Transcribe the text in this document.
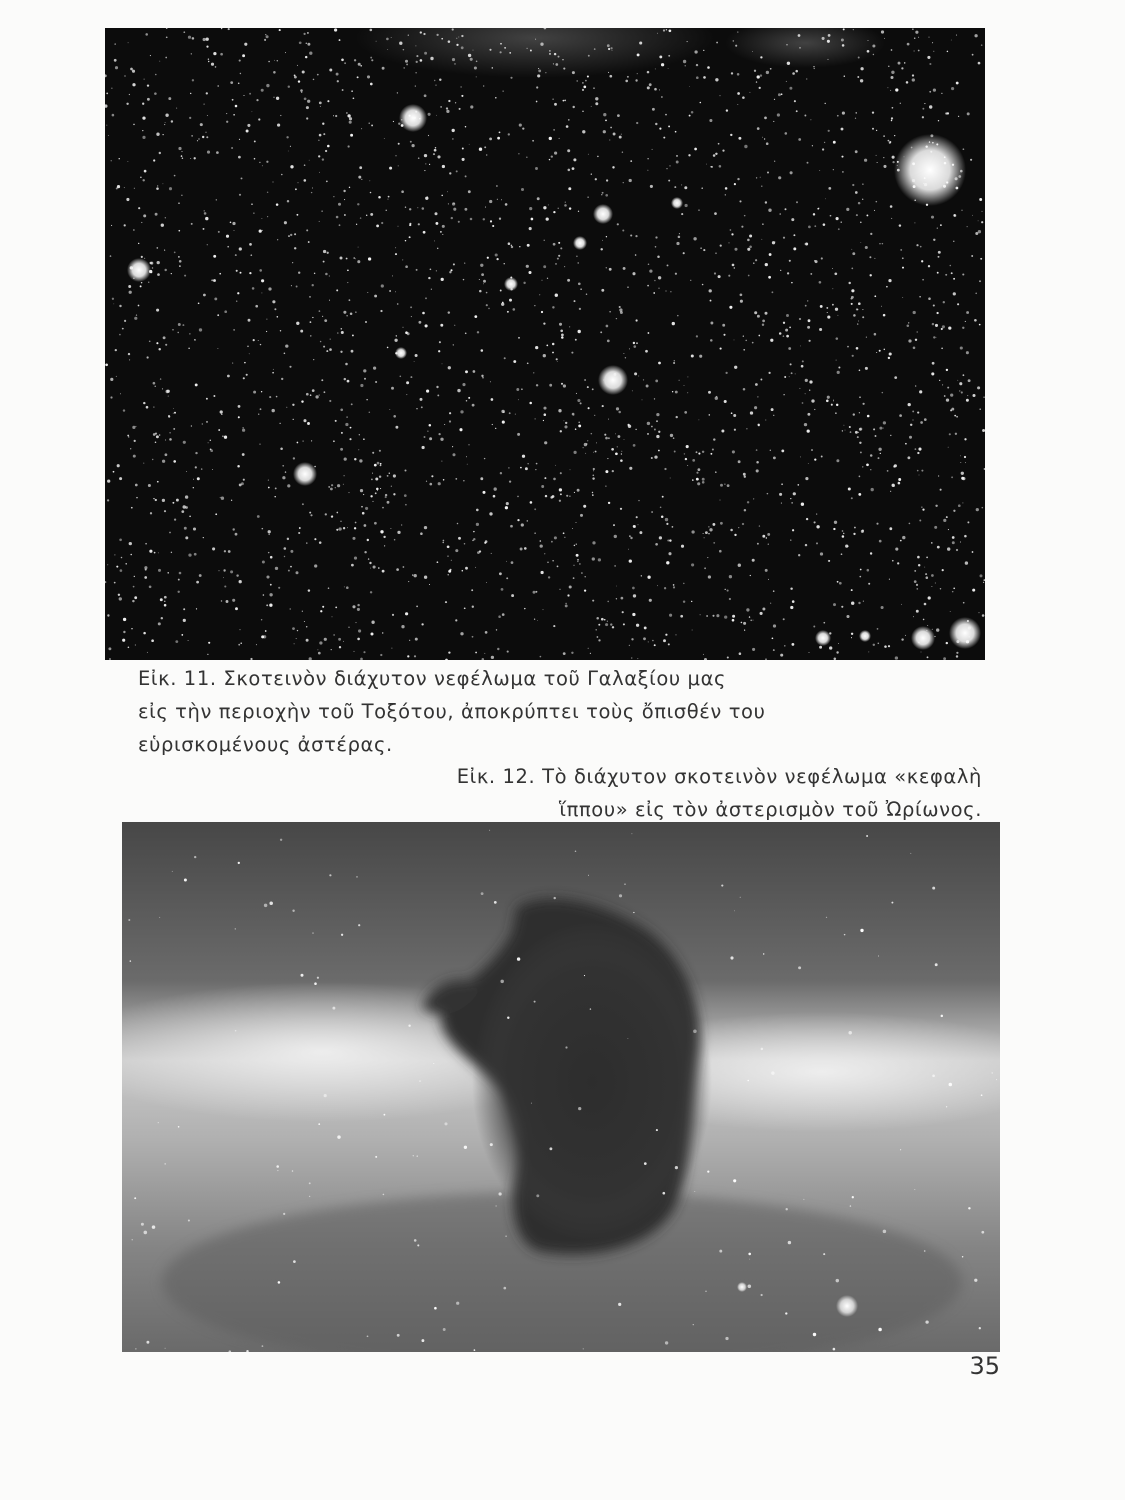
Εἰκ. 11. Σκοτεινὸν διάχυτον νεφέλωμα τοῦ Γαλαξίου μας
εἰς τὴν περιοχὴν τοῦ Τοξότου, ἀποκρύπτει τοὺς ὄπισθέν του
εὑρισκομένους ἀστέρας.
Εἰκ. 12. Τὸ διάχυτον σκοτεινὸν νεφέλωμα «κεφαλὴ
ἵππου» εἰς τὸν ἀστερισμὸν τοῦ Ὠρίωνος.
35
